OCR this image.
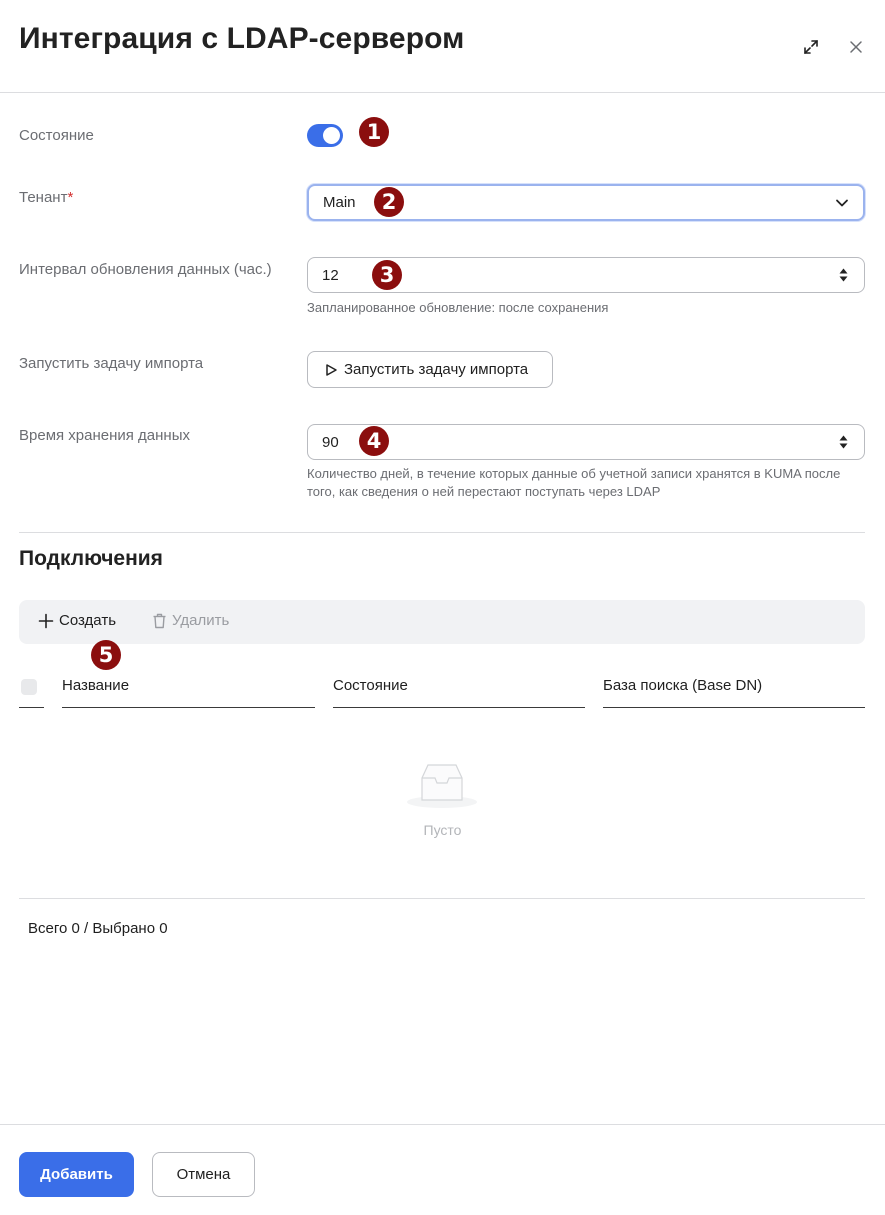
Интеграция с LDAP-сервером
Состояние	1
Тенант*	Main	2
Интервал обновления данных (час.)	12	3
Запланированное обновление: после сохранения
Запустить задачу импорта	Запустить задачу импорта
Время хранения данных	90	4
Количество дней, в течение которых данные об учетной записи хранятся в KUMA после того, как сведения о ней перестают поступать через LDAP
Подключения
Создать	Удалить
5
Название	Состояние	База поиска (Base DN)
Пусто
Всего 0 / Выбрано 0
Добавить	Отмена
